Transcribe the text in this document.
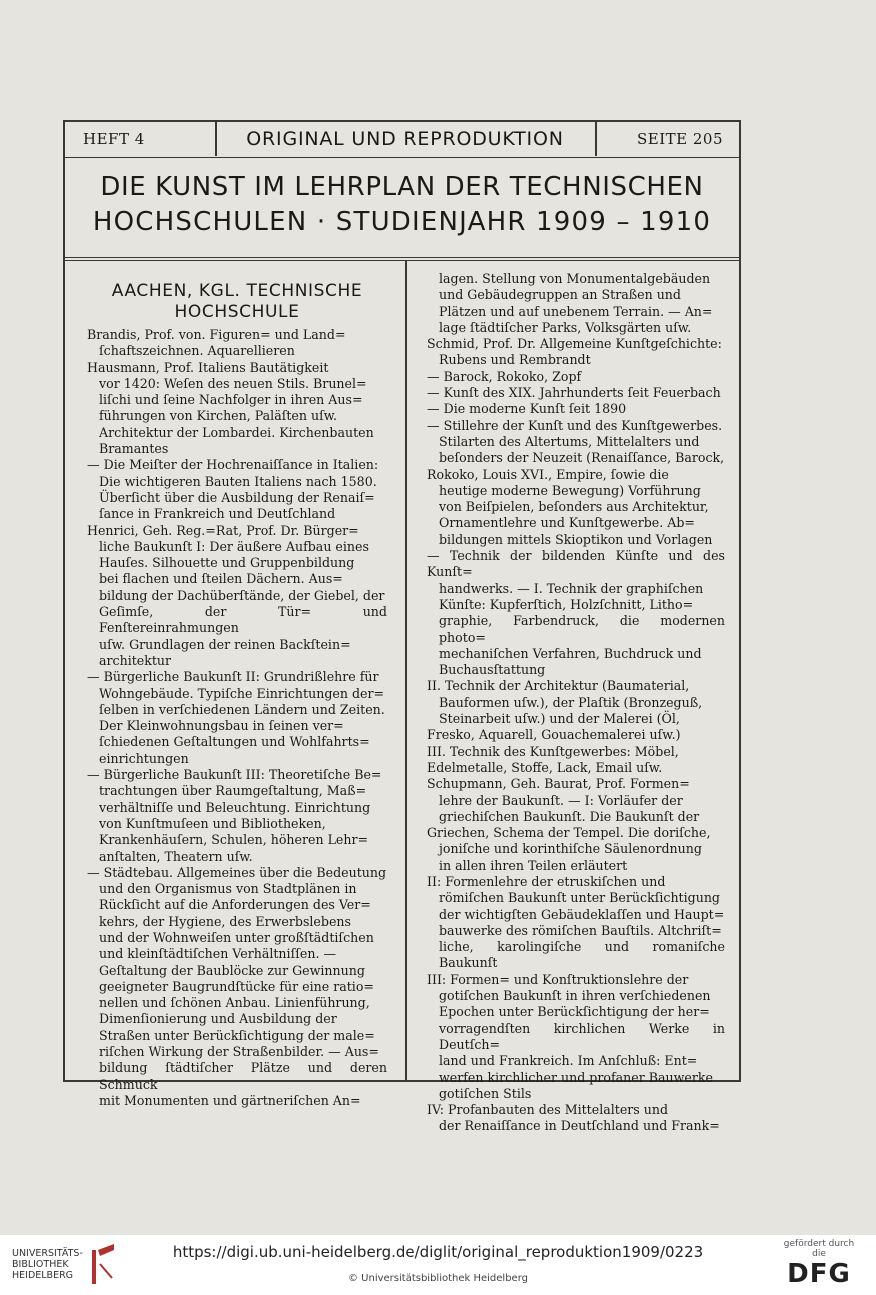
HEFT 4	ORIGINAL UND REPRODUKTION	SEITE 205
DIE KUNST IM LEHRPLAN DER TECHNISCHEN
HOCHSCHULEN · STUDIENJAHR 1909 – 1910
AACHEN, KGL. TECHNISCHE
HOCHSCHULE
Brandis, Prof. von. Figuren= und Land=
ſchaftszeichnen. Aquarellieren
Hausmann, Prof. Italiens Bautätigkeit
vor 1420: Weſen des neuen Stils. Brunel=
liſchi und ſeine Nachfolger in ihren Aus=
führungen von Kirchen, Paläſten uſw.
Architektur der Lombardei. Kirchenbauten
Bramantes
— Die Meiſter der Hochrenaiſſance in Italien:
Die wichtigeren Bauten Italiens nach 1580.
Überſicht über die Ausbildung der Renaiſ=
ſance in Frankreich und Deutſchland
Henrici, Geh. Reg.=Rat, Prof. Dr. Bürger=
liche Baukunſt I: Der äußere Aufbau eines
Hauſes. Silhouette und Gruppenbildung
bei flachen und ſteilen Dächern. Aus=
bildung der Dachüberſtände, der Giebel, der
Geſimſe, der Tür= und Fenſtereinrahmungen
uſw. Grundlagen der reinen Backſtein=
architektur
— Bürgerliche Baukunſt II: Grundrißlehre für
Wohngebäude. Typiſche Einrichtungen der=
ſelben in verſchiedenen Ländern und Zeiten.
Der Kleinwohnungsbau in ſeinen ver=
ſchiedenen Geſtaltungen und Wohlfahrts=
einrichtungen
— Bürgerliche Baukunſt III: Theoretiſche Be=
trachtungen über Raumgeſtaltung, Maß=
verhältniſſe und Beleuchtung. Einrichtung
von Kunſtmuſeen und Bibliotheken,
Krankenhäuſern, Schulen, höheren Lehr=
anſtalten, Theatern uſw.
— Städtebau. Allgemeines über die Bedeutung
und den Organismus von Stadtplänen in
Rückſicht auf die Anforderungen des Ver=
kehrs, der Hygiene, des Erwerbslebens
und der Wohnweiſen unter großſtädtiſchen
und kleinſtädtiſchen Verhältniſſen. —
Geſtaltung der Baublöcke zur Gewinnung
geeigneter Baugrundſtücke für eine ratio=
nellen und ſchönen Anbau. Linienführung,
Dimenſionierung und Ausbildung der
Straßen unter Berückſichtigung der male=
riſchen Wirkung der Straßenbilder. — Aus=
bildung ſtädtiſcher Plätze und deren Schmuck
mit Monumenten und gärtneriſchen An=
lagen. Stellung von Monumentalgebäuden
und Gebäudegruppen an Straßen und
Plätzen und auf unebenem Terrain. — An=
lage ſtädtiſcher Parks, Volksgärten uſw.
Schmid, Prof. Dr. Allgemeine Kunſtgeſchichte:
Rubens und Rembrandt
— Barock, Rokoko, Zopf
— Kunſt des XIX. Jahrhunderts ſeit Feuerbach
— Die moderne Kunſt ſeit 1890
— Stillehre der Kunſt und des Kunſtgewerbes.
Stilarten des Altertums, Mittelalters und
beſonders der Neuzeit (Renaiſſance, Barock,
Rokoko, Louis XVI., Empire, ſowie die
heutige moderne Bewegung) Vorführung
von Beiſpielen, beſonders aus Architektur,
Ornamentlehre und Kunſtgewerbe. Ab=
bildungen mittels Skioptikon und Vorlagen
— Technik der bildenden Künſte und des Kunſt=
handwerks. — I. Technik der graphiſchen
Künſte: Kupferſtich, Holzſchnitt, Litho=
graphie, Farbendruck, die modernen photo=
mechaniſchen Verfahren, Buchdruck und
Buchausſtattung
II. Technik der Architektur (Baumaterial,
Bauformen uſw.), der Plaſtik (Bronzeguß,
Steinarbeit uſw.) und der Malerei (Öl,
Fresko, Aquarell, Gouachemalerei uſw.)
III. Technik des Kunſtgewerbes: Möbel,
Edelmetalle, Stoffe, Lack, Email uſw.
Schupmann, Geh. Baurat, Prof. Formen=
lehre der Baukunſt. — I: Vorläufer der
griechiſchen Baukunſt. Die Baukunſt der
Griechen, Schema der Tempel. Die doriſche,
joniſche und korinthiſche Säulenordnung
in allen ihren Teilen erläutert
II: Formenlehre der etruskiſchen und
römiſchen Baukunſt unter Berückſichtigung
der wichtigſten Gebäudeklaſſen und Haupt=
bauwerke des römiſchen Bauſtils. Altchriſt=
liche, karolingiſche und romaniſche Baukunſt
III: Formen= und Konſtruktionslehre der
gotiſchen Baukunſt in ihren verſchiedenen
Epochen unter Berückſichtigung der her=
vorragendſten kirchlichen Werke in Deutſch=
land und Frankreich. Im Anſchluß: Ent=
werfen kirchlicher und profaner Bauwerke
gotiſchen Stils
IV: Profanbauten des Mittelalters und
der Renaiſſance in Deutſchland und Frank=
UNIVERSITÄTS-
BIBLIOTHEK
HEIDELBERG
https://digi.ub.uni-heidelberg.de/diglit/original_reproduktion1909/0223
© Universitätsbibliothek Heidelberg
gefördert durch die
DFG
